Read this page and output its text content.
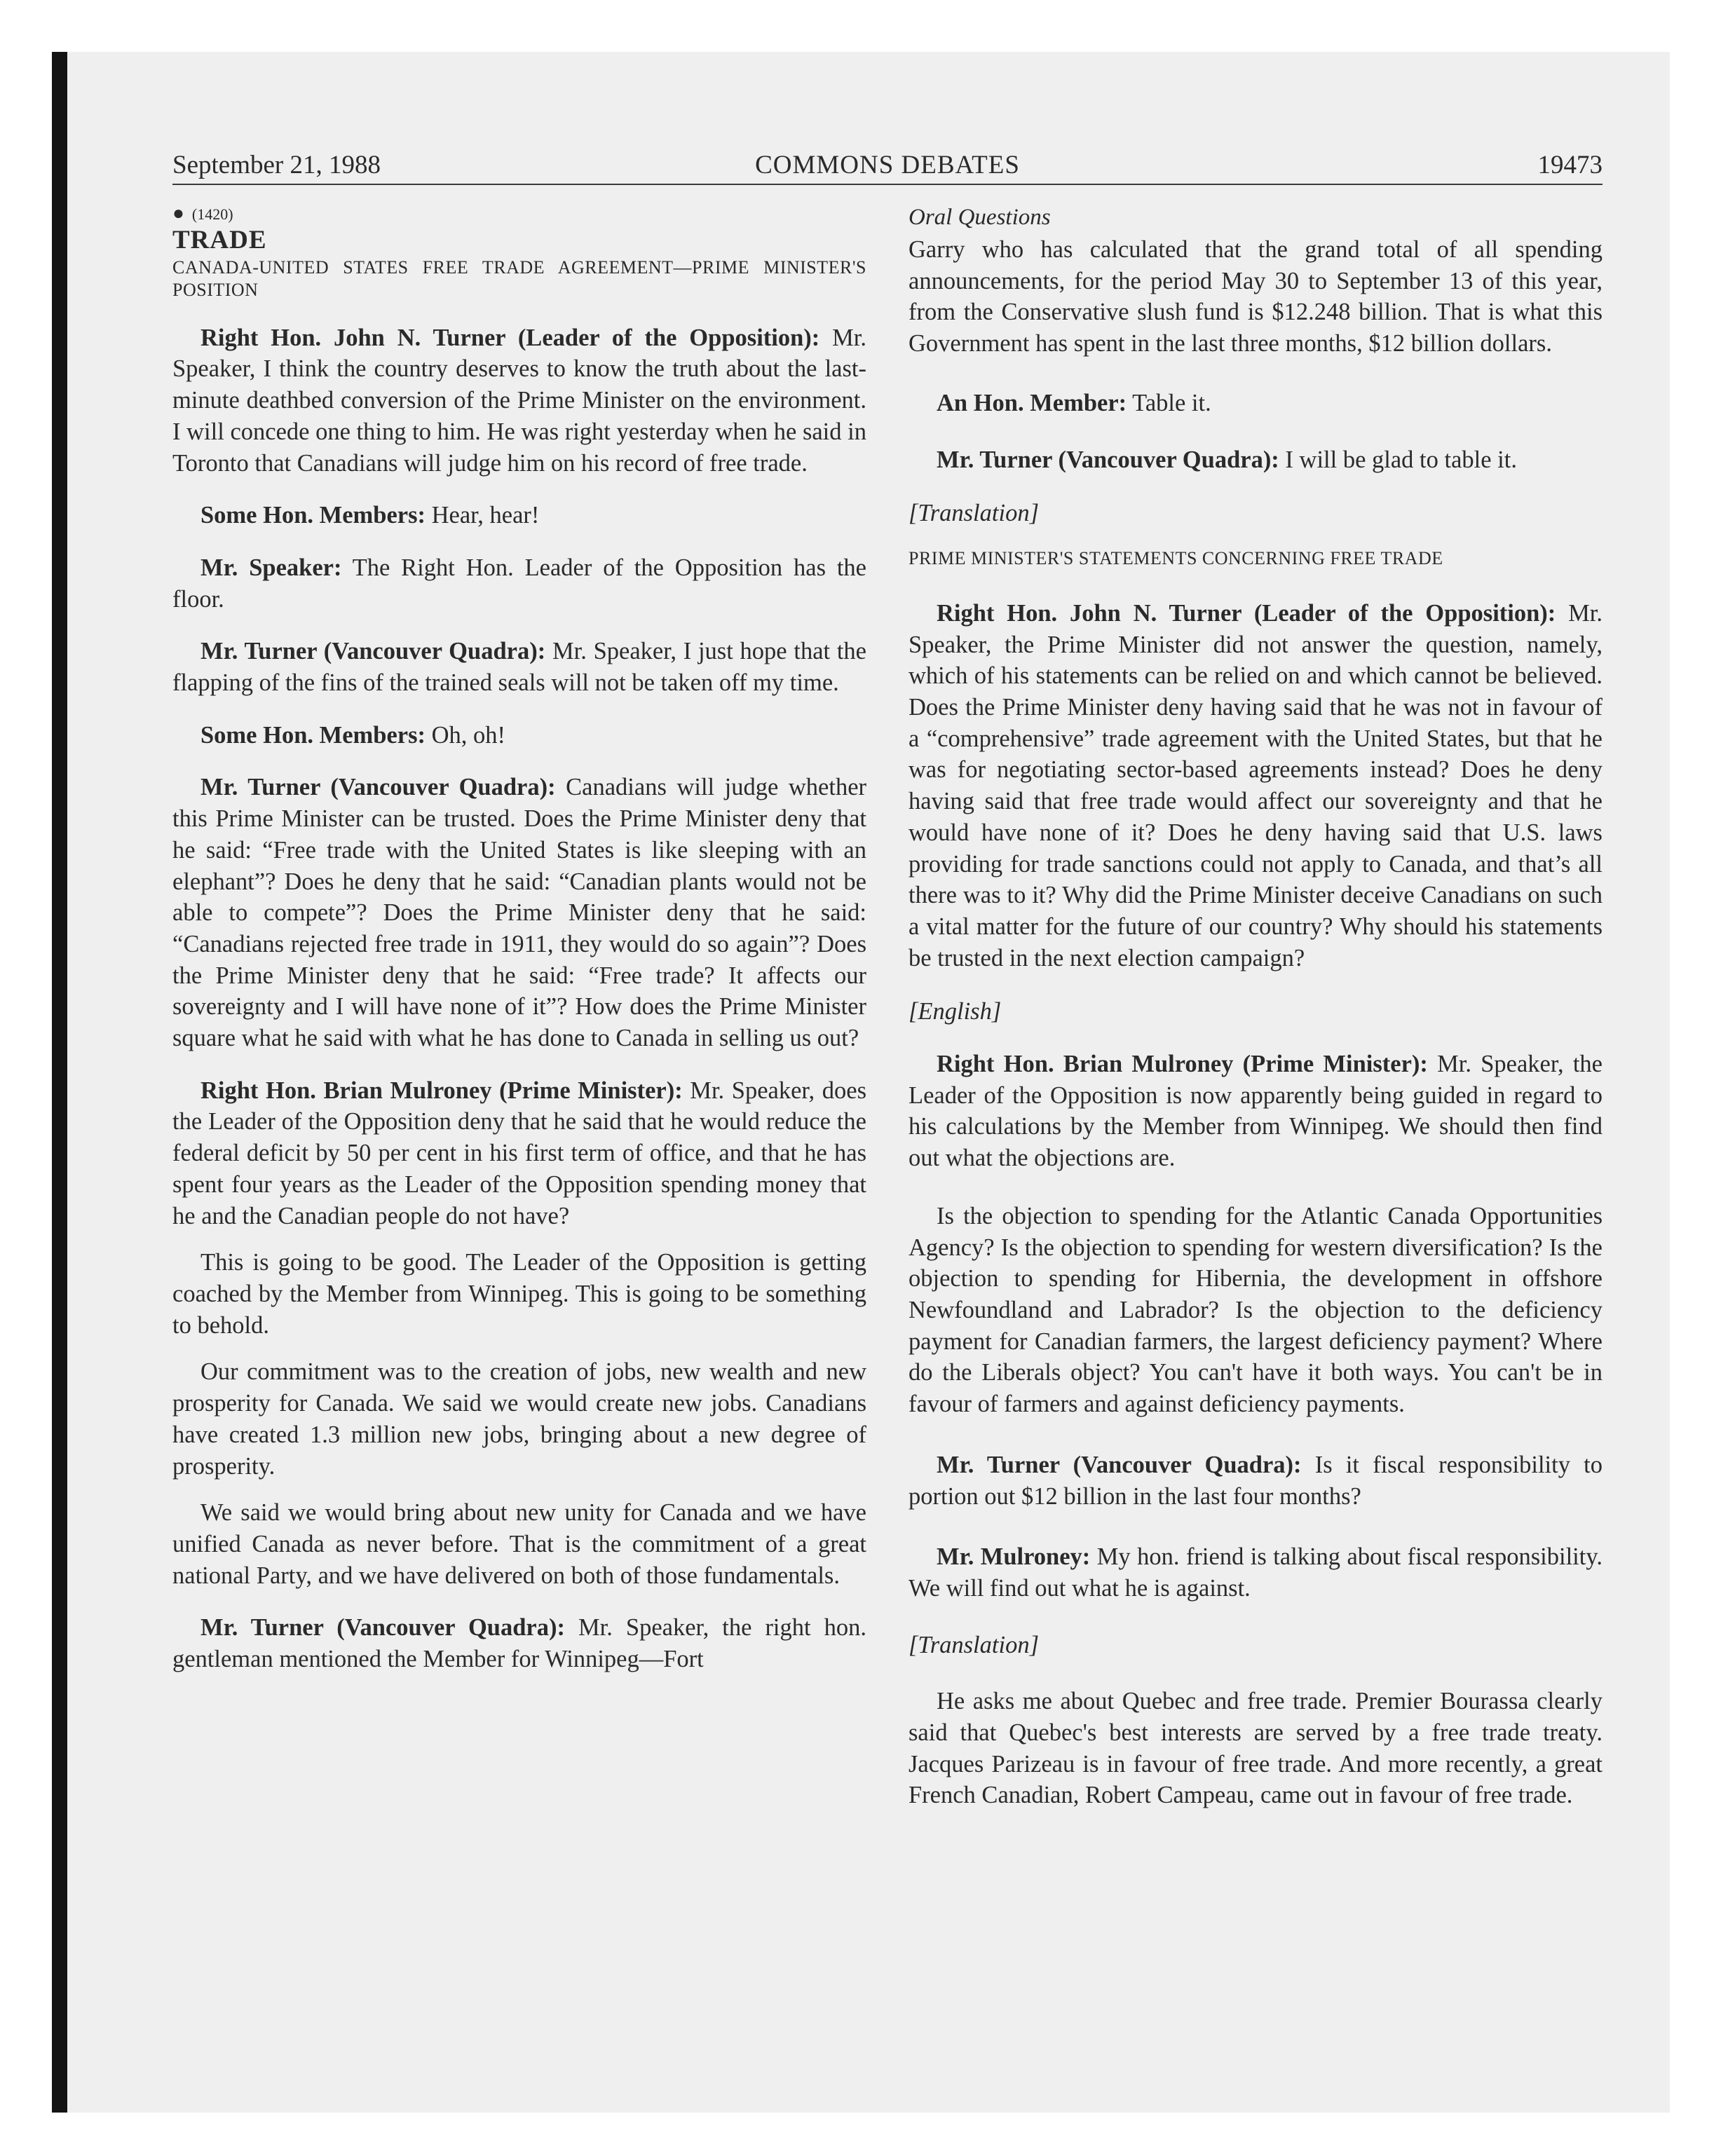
September 21, 1988	COMMONS DEBATES	19473

● (1420)

TRADE

CANADA-UNITED STATES FREE TRADE AGREEMENT—PRIME MINISTER'S POSITION

Right Hon. John N. Turner (Leader of the Opposition): Mr. Speaker, I think the country deserves to know the truth about the last-minute deathbed conversion of the Prime Minister on the environment. I will concede one thing to him. He was right yesterday when he said in Toronto that Canadians will judge him on his record of free trade.

Some Hon. Members: Hear, hear!

Mr. Speaker: The Right Hon. Leader of the Opposition has the floor.

Mr. Turner (Vancouver Quadra): Mr. Speaker, I just hope that the flapping of the fins of the trained seals will not be taken off my time.

Some Hon. Members: Oh, oh!

Mr. Turner (Vancouver Quadra): Canadians will judge whether this Prime Minister can be trusted. Does the Prime Minister deny that he said: “Free trade with the United States is like sleeping with an elephant”? Does he deny that he said: “Canadian plants would not be able to compete”? Does the Prime Minister deny that he said: “Canadians rejected free trade in 1911, they would do so again”? Does the Prime Minister deny that he said: “Free trade? It affects our sovereignty and I will have none of it”? How does the Prime Minister square what he said with what he has done to Canada in selling us out?

Right Hon. Brian Mulroney (Prime Minister): Mr. Speaker, does the Leader of the Opposition deny that he said that he would reduce the federal deficit by 50 per cent in his first term of office, and that he has spent four years as the Leader of the Opposition spending money that he and the Canadian people do not have?

This is going to be good. The Leader of the Opposition is getting coached by the Member from Winnipeg. This is going to be something to behold.

Our commitment was to the creation of jobs, new wealth and new prosperity for Canada. We said we would create new jobs. Canadians have created 1.3 million new jobs, bringing about a new degree of prosperity.

We said we would bring about new unity for Canada and we have unified Canada as never before. That is the commitment of a great national Party, and we have delivered on both of those fundamentals.

Mr. Turner (Vancouver Quadra): Mr. Speaker, the right hon. gentleman mentioned the Member for Winnipeg—Fort

Oral Questions

Garry who has calculated that the grand total of all spending announcements, for the period May 30 to September 13 of this year, from the Conservative slush fund is $12.248 billion. That is what this Government has spent in the last three months, $12 billion dollars.

An Hon. Member: Table it.

Mr. Turner (Vancouver Quadra): I will be glad to table it.

[Translation]

PRIME MINISTER'S STATEMENTS CONCERNING FREE TRADE

Right Hon. John N. Turner (Leader of the Opposition): Mr. Speaker, the Prime Minister did not answer the question, namely, which of his statements can be relied on and which cannot be believed. Does the Prime Minister deny having said that he was not in favour of a “comprehensive” trade agreement with the United States, but that he was for negotiating sector-based agreements instead? Does he deny having said that free trade would affect our sovereignty and that he would have none of it? Does he deny having said that U.S. laws providing for trade sanctions could not apply to Canada, and that’s all there was to it? Why did the Prime Minister deceive Canadians on such a vital matter for the future of our country? Why should his statements be trusted in the next election campaign?

[English]

Right Hon. Brian Mulroney (Prime Minister): Mr. Speaker, the Leader of the Opposition is now apparently being guided in regard to his calculations by the Member from Winnipeg. We should then find out what the objections are.

Is the objection to spending for the Atlantic Canada Opportunities Agency? Is the objection to spending for western diversification? Is the objection to spending for Hibernia, the development in offshore Newfoundland and Labrador? Is the objection to the deficiency payment for Canadian farmers, the largest deficiency payment? Where do the Liberals object? You can't have it both ways. You can't be in favour of farmers and against deficiency payments.

Mr. Turner (Vancouver Quadra): Is it fiscal responsibility to portion out $12 billion in the last four months?

Mr. Mulroney: My hon. friend is talking about fiscal responsibility. We will find out what he is against.

[Translation]

He asks me about Quebec and free trade. Premier Bourassa clearly said that Quebec's best interests are served by a free trade treaty. Jacques Parizeau is in favour of free trade. And more recently, a great French Canadian, Robert Campeau, came out in favour of free trade.
